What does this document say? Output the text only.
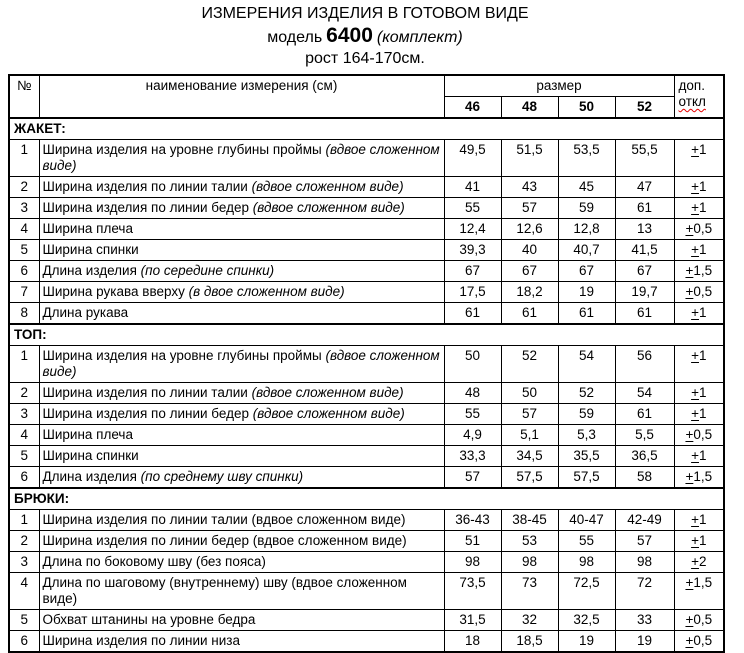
ИЗМЕРЕНИЯ ИЗДЕЛИЯ В ГОТОВОМ ВИДЕ
модель 6400 (комплект)
рост 164-170см.
№	наименование измерения (см)	размер				доп.
откл

		46	48	50	52	
ЖАКЕТ:						
1	Ширина изделия на уровне глубины проймы (вдвое сложенном виде)	49,5	51,5	53,5	55,5	+1
2	Ширина изделия по линии талии (вдвое сложенном виде)	41	43	45	47	+1
3	Ширина изделия по линии бедер (вдвое сложенном виде)	55	57	59	61	+1
4	Ширина плеча	12,4	12,6	12,8	13	+0,5
5	Ширина спинки	39,3	40	40,7	41,5	+1
6	Длина изделия (по середине спинки)	67	67	67	67	+1,5
7	Ширина рукава вверху (в двое сложенном виде)	17,5	18,2	19	19,7	+0,5
8	Длина рукава	61	61	61	61	+1
ТОП:						
1	Ширина изделия на уровне глубины проймы (вдвое сложенном виде)	50	52	54	56	+1
2	Ширина изделия по линии талии (вдвое сложенном виде)	48	50	52	54	+1
3	Ширина изделия по линии бедер (вдвое сложенном виде)	55	57	59	61	+1
4	Ширина плеча	4,9	5,1	5,3	5,5	+0,5
5	Ширина спинки	33,3	34,5	35,5	36,5	+1
6	Длина изделия (по среднему шву спинки)	57	57,5	57,5	58	+1,5
БРЮКИ:						
1	Ширина изделия по линии талии (вдвое сложенном виде)	36-43	38-45	40-47	42-49	+1
2	Ширина изделия по линии бедер (вдвое сложенном виде)	51	53	55	57	+1
3	Длина по боковому шву (без пояса)	98	98	98	98	+2
4	Длина по шаговому (внутреннему) шву (вдвое сложенном виде)	73,5	73	72,5	72	+1,5
5	Обхват штанины на уровне бедра	31,5	32	32,5	33	+0,5
6	Ширина изделия по линии низа	18	18,5	19	19	+0,5
